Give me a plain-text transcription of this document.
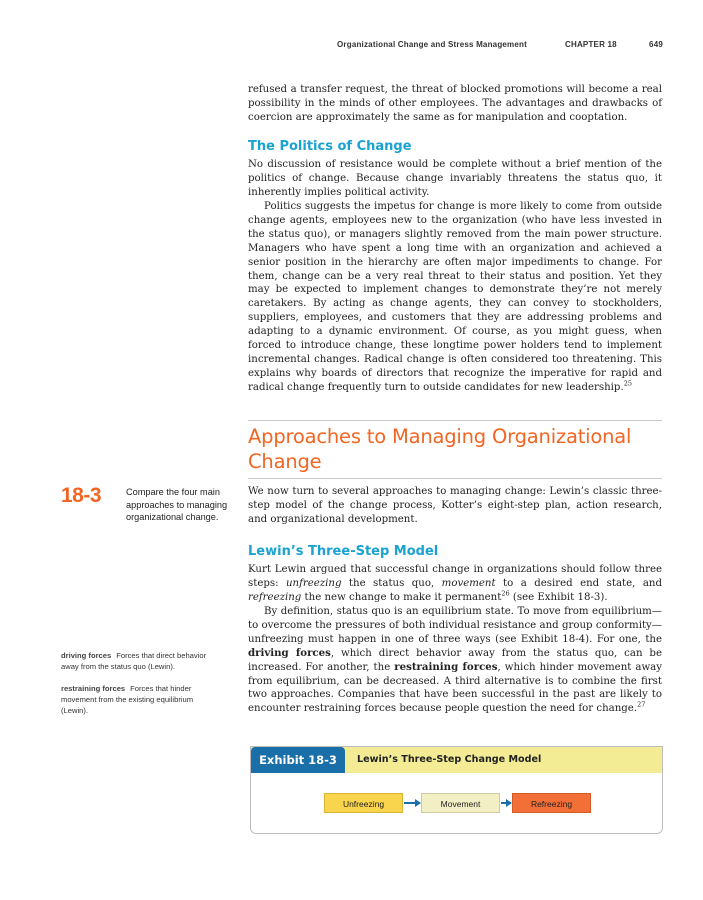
Organizational Change and Stress Management	CHAPTER 18	649

refused a transfer request, the threat of blocked promotions will become a real possibility in the minds of other employees. The advantages and drawbacks of coercion are approximately the same as for manipulation and cooptation.

The Politics of Change

No discussion of resistance would be complete without a brief mention of the politics of change. Because change invariably threatens the status quo, it inherently implies political activity.

Politics suggests the impetus for change is more likely to come from outside change agents, employees new to the organization (who have less invested in the status quo), or managers slightly removed from the main power structure. Managers who have spent a long time with an organization and achieved a senior position in the hierarchy are often major impediments to change. For them, change can be a very real threat to their status and position. Yet they may be expected to implement changes to demonstrate they’re not merely caretakers. By acting as change agents, they can convey to stockholders, suppliers, employees, and customers that they are addressing problems and adapting to a dynamic environment. Of course, as you might guess, when forced to introduce change, these longtime power holders tend to implement incremental changes. Radical change is often considered too threatening. This explains why boards of directors that recognize the imperative for rapid and radical change frequently turn to outside candidates for new leadership.$^{25}$

Approaches to Managing Organizational Change
18-3	Compare the four main approaches to managing organizational change.

We now turn to several approaches to managing change: Lewin’s classic three-step model of the change process, Kotter’s eight-step plan, action research, and organizational development.

Lewin’s Three-Step Model

Kurt Lewin argued that successful change in organizations should follow three steps: unfreezing the status quo, movement to a desired end state, and refreezing the new change to make it permanent$^{26}$ (see Exhibit 18-3).

By definition, status quo is an equilibrium state. To move from equilibrium—to overcome the pressures of both individual resistance and group conformity—unfreezing must happen in one of three ways (see Exhibit 18-4). For one, the driving forces, which direct behavior away from the status quo, can be increased. For another, the restraining forces, which hinder movement away from equilibrium, can be decreased. A third alternative is to combine the first two approaches. Companies that have been successful in the past are likely to encounter restraining forces because people question the need for change.$^{27}$

driving forces Forces that direct behavior away from the status quo (Lewin).
restraining forces Forces that hinder movement from the existing equilibrium (Lewin).
Exhibit 18-3	Lewin’s Three-Step Change Model
Unfreezing	Movement	Refreezing
